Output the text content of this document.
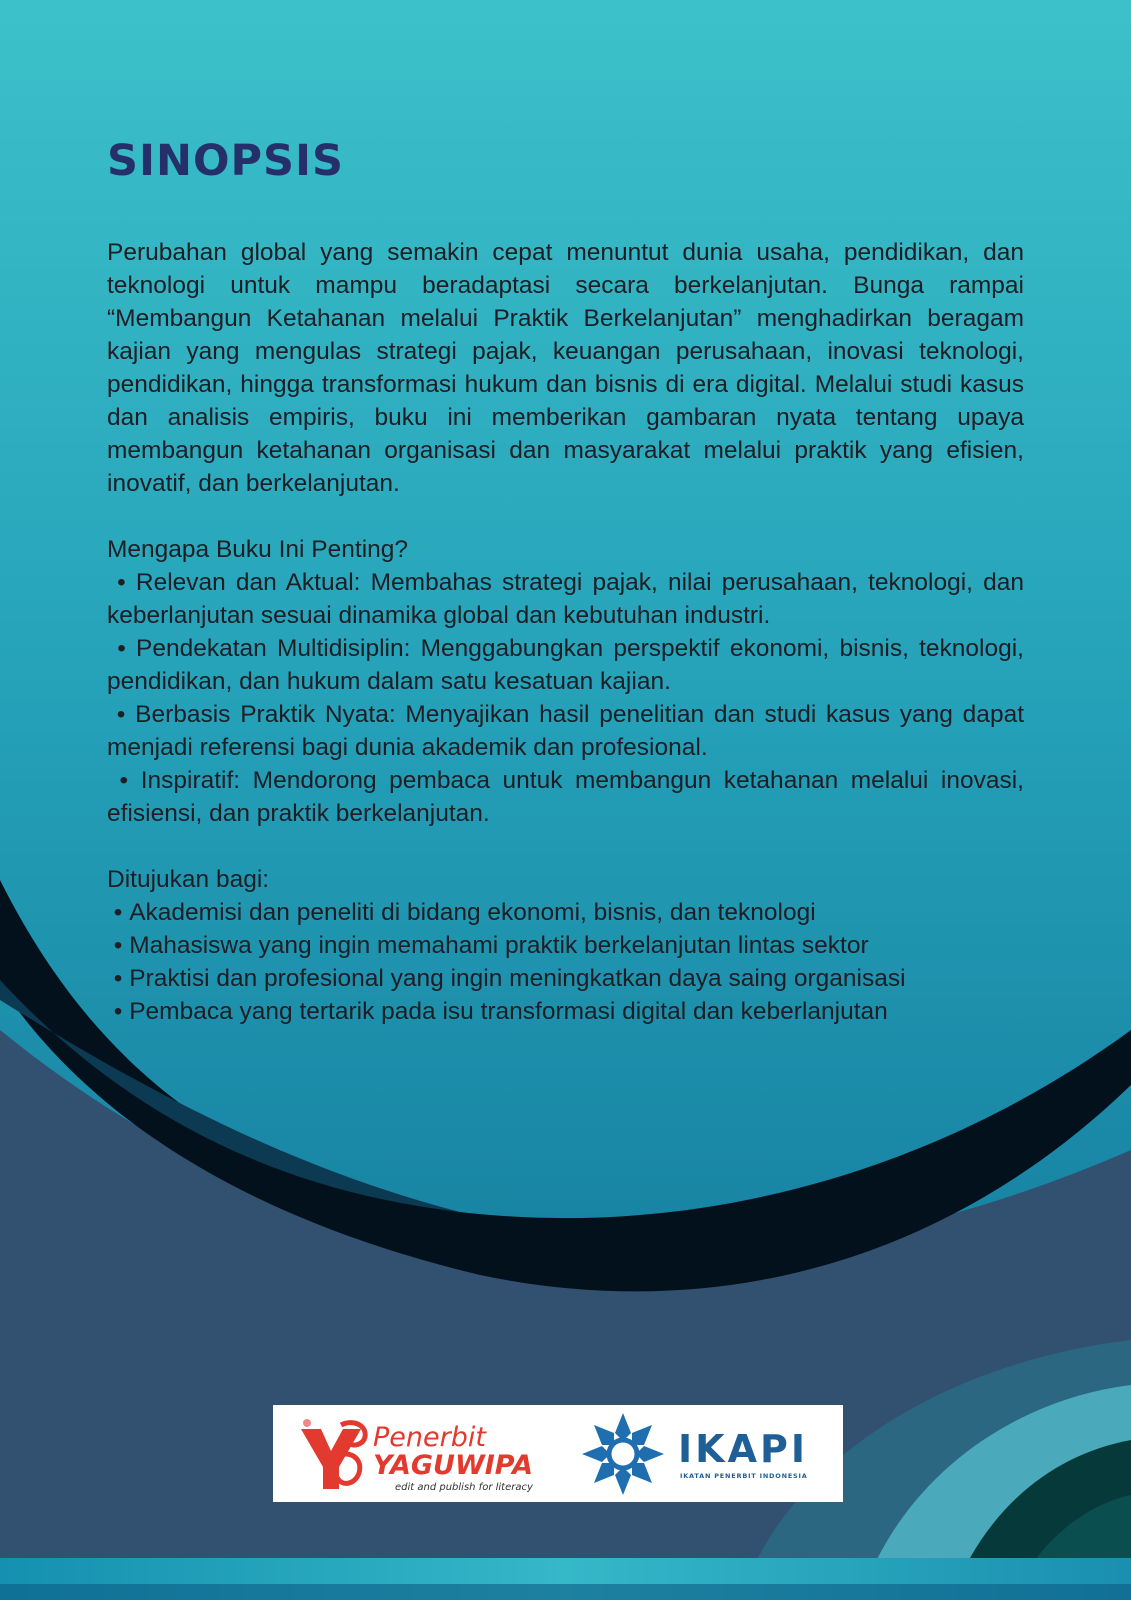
SINOPSIS

Perubahan global yang semakin cepat menuntut dunia usaha, pendidikan, dan teknologi untuk mampu beradaptasi secara berkelanjutan. Bunga rampai “Membangun Ketahanan melalui Praktik Berkelanjutan” menghadirkan beragam kajian yang mengulas strategi pajak, keuangan perusahaan, inovasi teknologi, pendidikan, hingga transformasi hukum dan bisnis di era digital. Melalui studi kasus dan analisis empiris, buku ini memberikan gambaran nyata tentang upaya membangun ketahanan organisasi dan masyarakat melalui praktik yang efisien, inovatif, dan berkelanjutan.

Mengapa Buku Ini Penting?

• Relevan dan Aktual: Membahas strategi pajak, nilai perusahaan, teknologi, dan keberlanjutan sesuai dinamika global dan kebutuhan industri.
• Pendekatan Multidisiplin: Menggabungkan perspektif ekonomi, bisnis, teknologi, pendidikan, dan hukum dalam satu kesatuan kajian.
• Berbasis Praktik Nyata: Menyajikan hasil penelitian dan studi kasus yang dapat menjadi referensi bagi dunia akademik dan profesional.
• Inspiratif: Mendorong pembaca untuk membangun ketahanan melalui inovasi, efisiensi, dan praktik berkelanjutan.

Ditujukan bagi:

• Akademisi dan peneliti di bidang ekonomi, bisnis, dan teknologi
• Mahasiswa yang ingin memahami praktik berkelanjutan lintas sektor
• Praktisi dan profesional yang ingin meningkatkan daya saing organisasi
• Pembaca yang tertarik pada isu transformasi digital dan keberlanjutan

Penerbit

YAGUWIPA

edit and publish for literacy

IKAPI

IKATAN PENERBIT INDONESIA
